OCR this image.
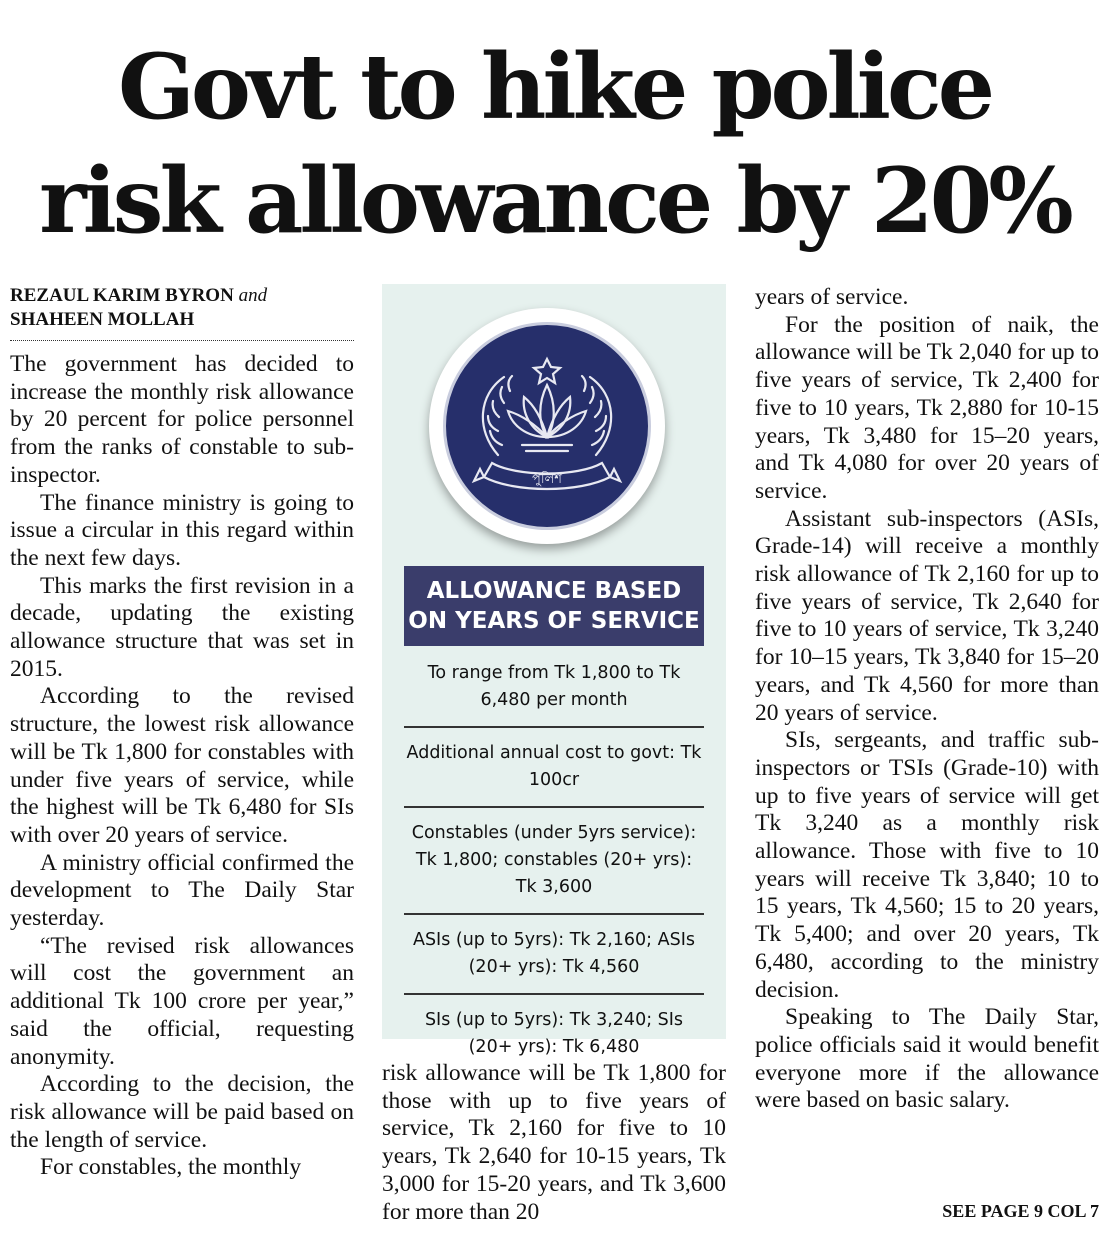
Govt to hike police
risk allowance by 20%
REZAUL KARIM BYRON and
SHAHEEN MOLLAH

The government has decided to increase the monthly risk allowance by 20 percent for police personnel from the ranks of constable to sub-inspector.

The finance ministry is going to issue a circular in this regard within the next few days.

This marks the first revision in a decade, updating the existing allowance structure that was set in 2015.

According to the revised structure, the lowest risk allowance will be Tk 1,800 for constables with under five years of service, while the highest will be Tk 6,480 for SIs with over 20 years of service.

A ministry official confirmed the development to The Daily Star yesterday.

“The revised risk allowances will cost the government an additional Tk 100 crore per year,” said the official, requesting anonymity.

According to the decision, the risk allowance will be paid based on the length of service.

For constables, the monthly

পুলিশ
ALLOWANCE BASED
ON YEARS OF SERVICE
To range from Tk 1,800 to Tk 6,480 per month
Additional annual cost to govt: Tk 100cr
Constables (under 5yrs service): Tk 1,800; constables (20+ yrs): Tk 3,600
ASIs (up to 5yrs): Tk 2,160; ASIs (20+ yrs): Tk 4,560
SIs (up to 5yrs): Tk 3,240; SIs (20+ yrs): Tk 6,480

risk allowance will be Tk 1,800 for those with up to five years of service, Tk 2,160 for five to 10 years, Tk 2,640 for 10-15 years, Tk 3,000 for 15-20 years, and Tk 3,600 for more than 20

years of service.

For the position of naik, the allowance will be Tk 2,040 for up to five years of service, Tk 2,400 for five to 10 years, Tk 2,880 for 10-15 years, Tk 3,480 for 15–20 years, and Tk 4,080 for over 20 years of service.

Assistant sub-inspectors (ASIs, Grade-14) will receive a monthly risk allowance of Tk 2,160 for up to five years of service, Tk 2,640 for five to 10 years of service, Tk 3,240 for 10–15 years, Tk 3,840 for 15–20 years, and Tk 4,560 for more than 20 years of service.

SIs, sergeants, and traffic sub-inspectors or TSIs (Grade-10) with up to five years of service will get Tk 3,240 as a monthly risk allowance. Those with five to 10 years will receive Tk 3,840; 10 to 15 years, Tk 4,560; 15 to 20 years, Tk 5,400; and over 20 years, Tk 6,480, according to the ministry decision.

Speaking to The Daily Star, police officials said it would benefit everyone more if the allowance were based on basic salary.

SEE PAGE 9 COL 7
